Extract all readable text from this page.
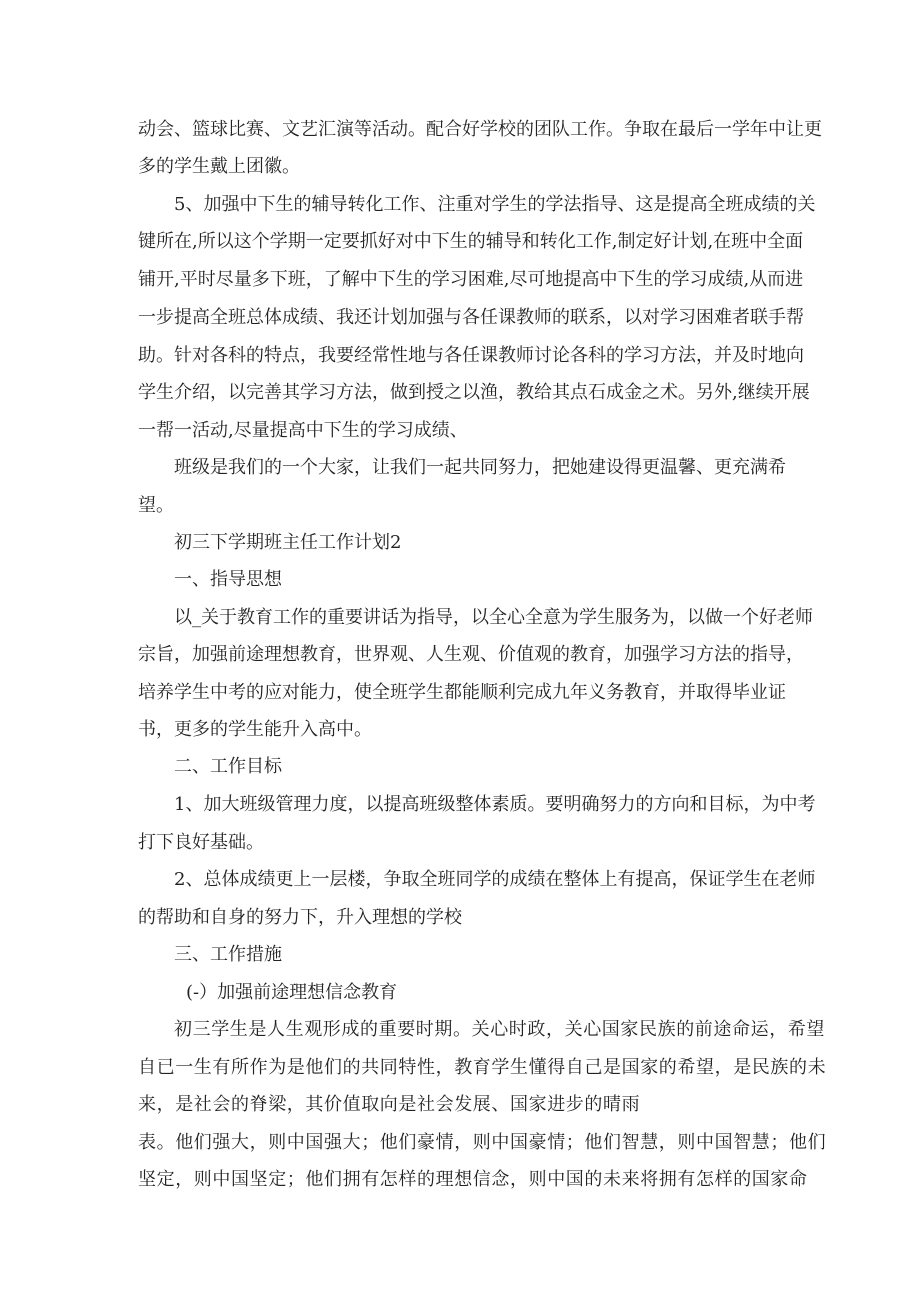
动会、篮球比赛、文艺汇演等活动。配合好学校的团队工作。争取在最后一学年中让更
多的学生戴上团徽。
5、加强中下生的辅导转化工作、注重对学生的学法指导、这是提高全班成绩的关
键所在,所以这个学期一定要抓好对中下生的辅导和转化工作,制定好计划,在班中全面
铺开,平时尽量多下班，了解中下生的学习困难,尽可地提高中下生的学习成绩,从而进
一步提高全班总体成绩、我还计划加强与各任课教师的联系，以对学习困难者联手帮
助。针对各科的特点，我要经常性地与各任课教师讨论各科的学习方法，并及时地向
学生介绍，以完善其学习方法，做到授之以渔，教给其点石成金之术。另外,继续开展
一帮一活动,尽量提高中下生的学习成绩、
班级是我们的一个大家，让我们一起共同努力，把她建设得更温馨、更充满希
望。
初三下学期班主任工作计划2
一、指导思想
以_关于教育工作的重要讲话为指导，以全心全意为学生服务为，以做一个好老师
宗旨，加强前途理想教育，世界观、人生观、价值观的教育，加强学习方法的指导，
培养学生中考的应对能力，使全班学生都能顺利完成九年义务教育，并取得毕业证
书，更多的学生能升入高中。
二、工作目标
1、加大班级管理力度，以提高班级整体素质。要明确努力的方向和目标，为中考
打下良好基础。
2、总体成绩更上一层楼，争取全班同学的成绩在整体上有提高，保证学生在老师
的帮助和自身的努力下，升入理想的学校
三、工作措施
(-）加强前途理想信念教育
初三学生是人生观形成的重要时期。关心时政，关心国家民族的前途命运，希望
自已一生有所作为是他们的共同特性，教育学生懂得自己是国家的希望，是民族的未
来，是社会的脊梁，其价值取向是社会发展、国家进步的晴雨
表。他们强大，则中国强大；他们豪情，则中国豪情；他们智慧，则中国智慧；他们
坚定，则中国坚定；他们拥有怎样的理想信念，则中国的未来将拥有怎样的国家命
